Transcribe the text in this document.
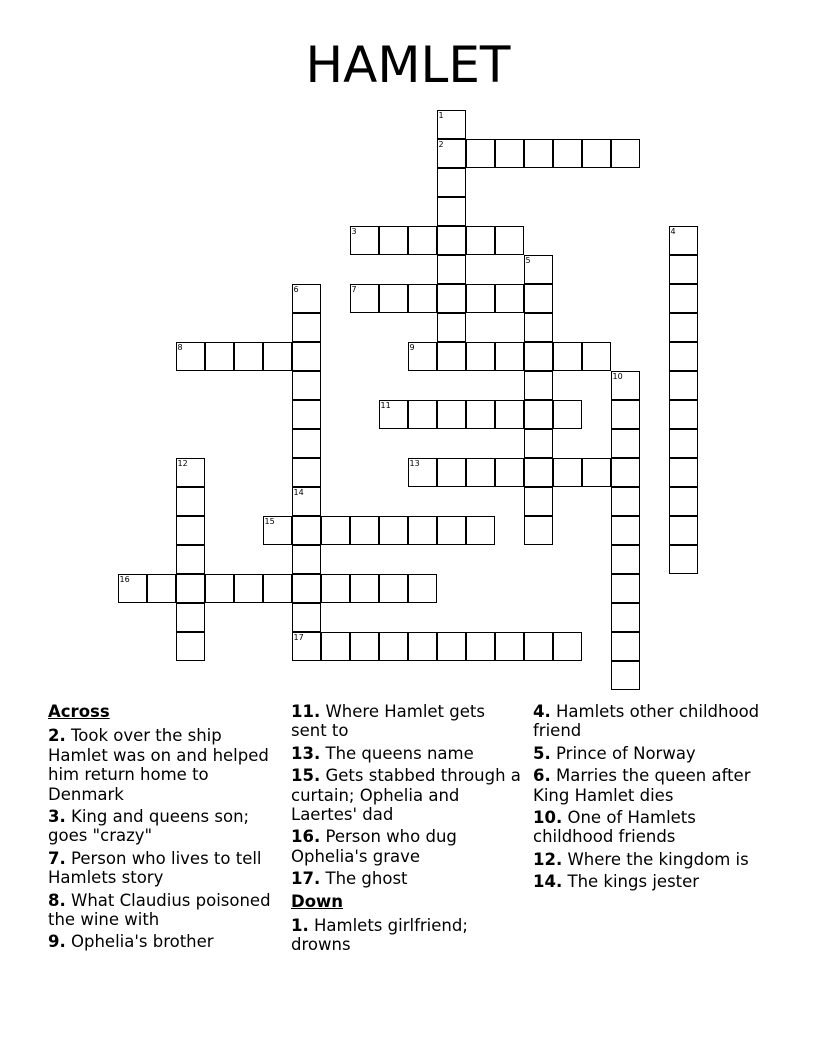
HAMLET
1
2
3	4
5
6
14
7
8	9
10
11
12	13
17
15
16
Across
2. Took over the ship Hamlet was on and helped him return home to Denmark
3. King and queens son; goes "crazy"
7. Person who lives to tell Hamlets story
8. What Claudius poisoned the wine with
9. Ophelia's brother
11. Where Hamlet gets sent to
13. The queens name
15. Gets stabbed through a curtain; Ophelia and Laertes' dad
16. Person who dug Ophelia's grave
17. The ghost
Down
1. Hamlets girlfriend; drowns
4. Hamlets other childhood friend
5. Prince of Norway
6. Marries the queen after King Hamlet dies
10. One of Hamlets childhood friends
12. Where the kingdom is
14. The kings jester
